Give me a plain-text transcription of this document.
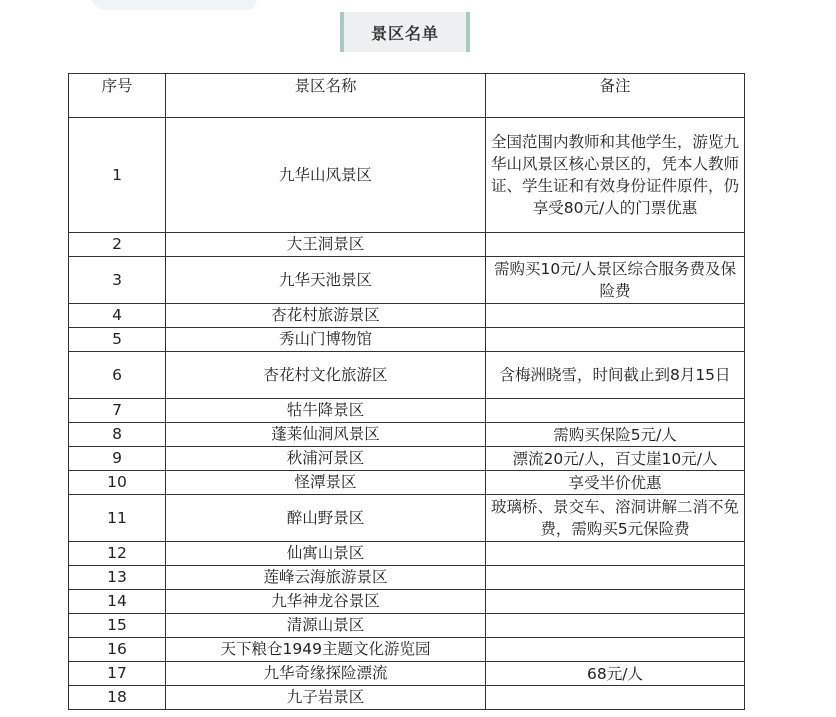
景区名单
序号	景区名称	备注
1	九华山风景区	全国范围内教师和其他学生，游览九华山风景区核心景区的，凭本人教师证、学生证和有效身份证件原件，仍享受80元/人的门票优惠
2	大王洞景区	
3	九华天池景区	需购买10元/人景区综合服务费及保险费
4	杏花村旅游景区	
5	秀山门博物馆	
6	杏花村文化旅游区	含梅洲晓雪，时间截止到8月15日
7	牯牛降景区	
8	蓬莱仙洞风景区	需购买保险5元/人
9	秋浦河景区	漂流20元/人，百丈崖10元/人
10	怪潭景区	享受半价优惠
11	醉山野景区	玻璃桥、景交车、溶洞讲解二消不免费，需购买5元保险费
12	仙寓山景区	
13	莲峰云海旅游景区	
14	九华神龙谷景区	
15	清源山景区	
16	天下粮仓1949主题文化游览园	
17	九华奇缘探险漂流	68元/人
18	九子岩景区	
